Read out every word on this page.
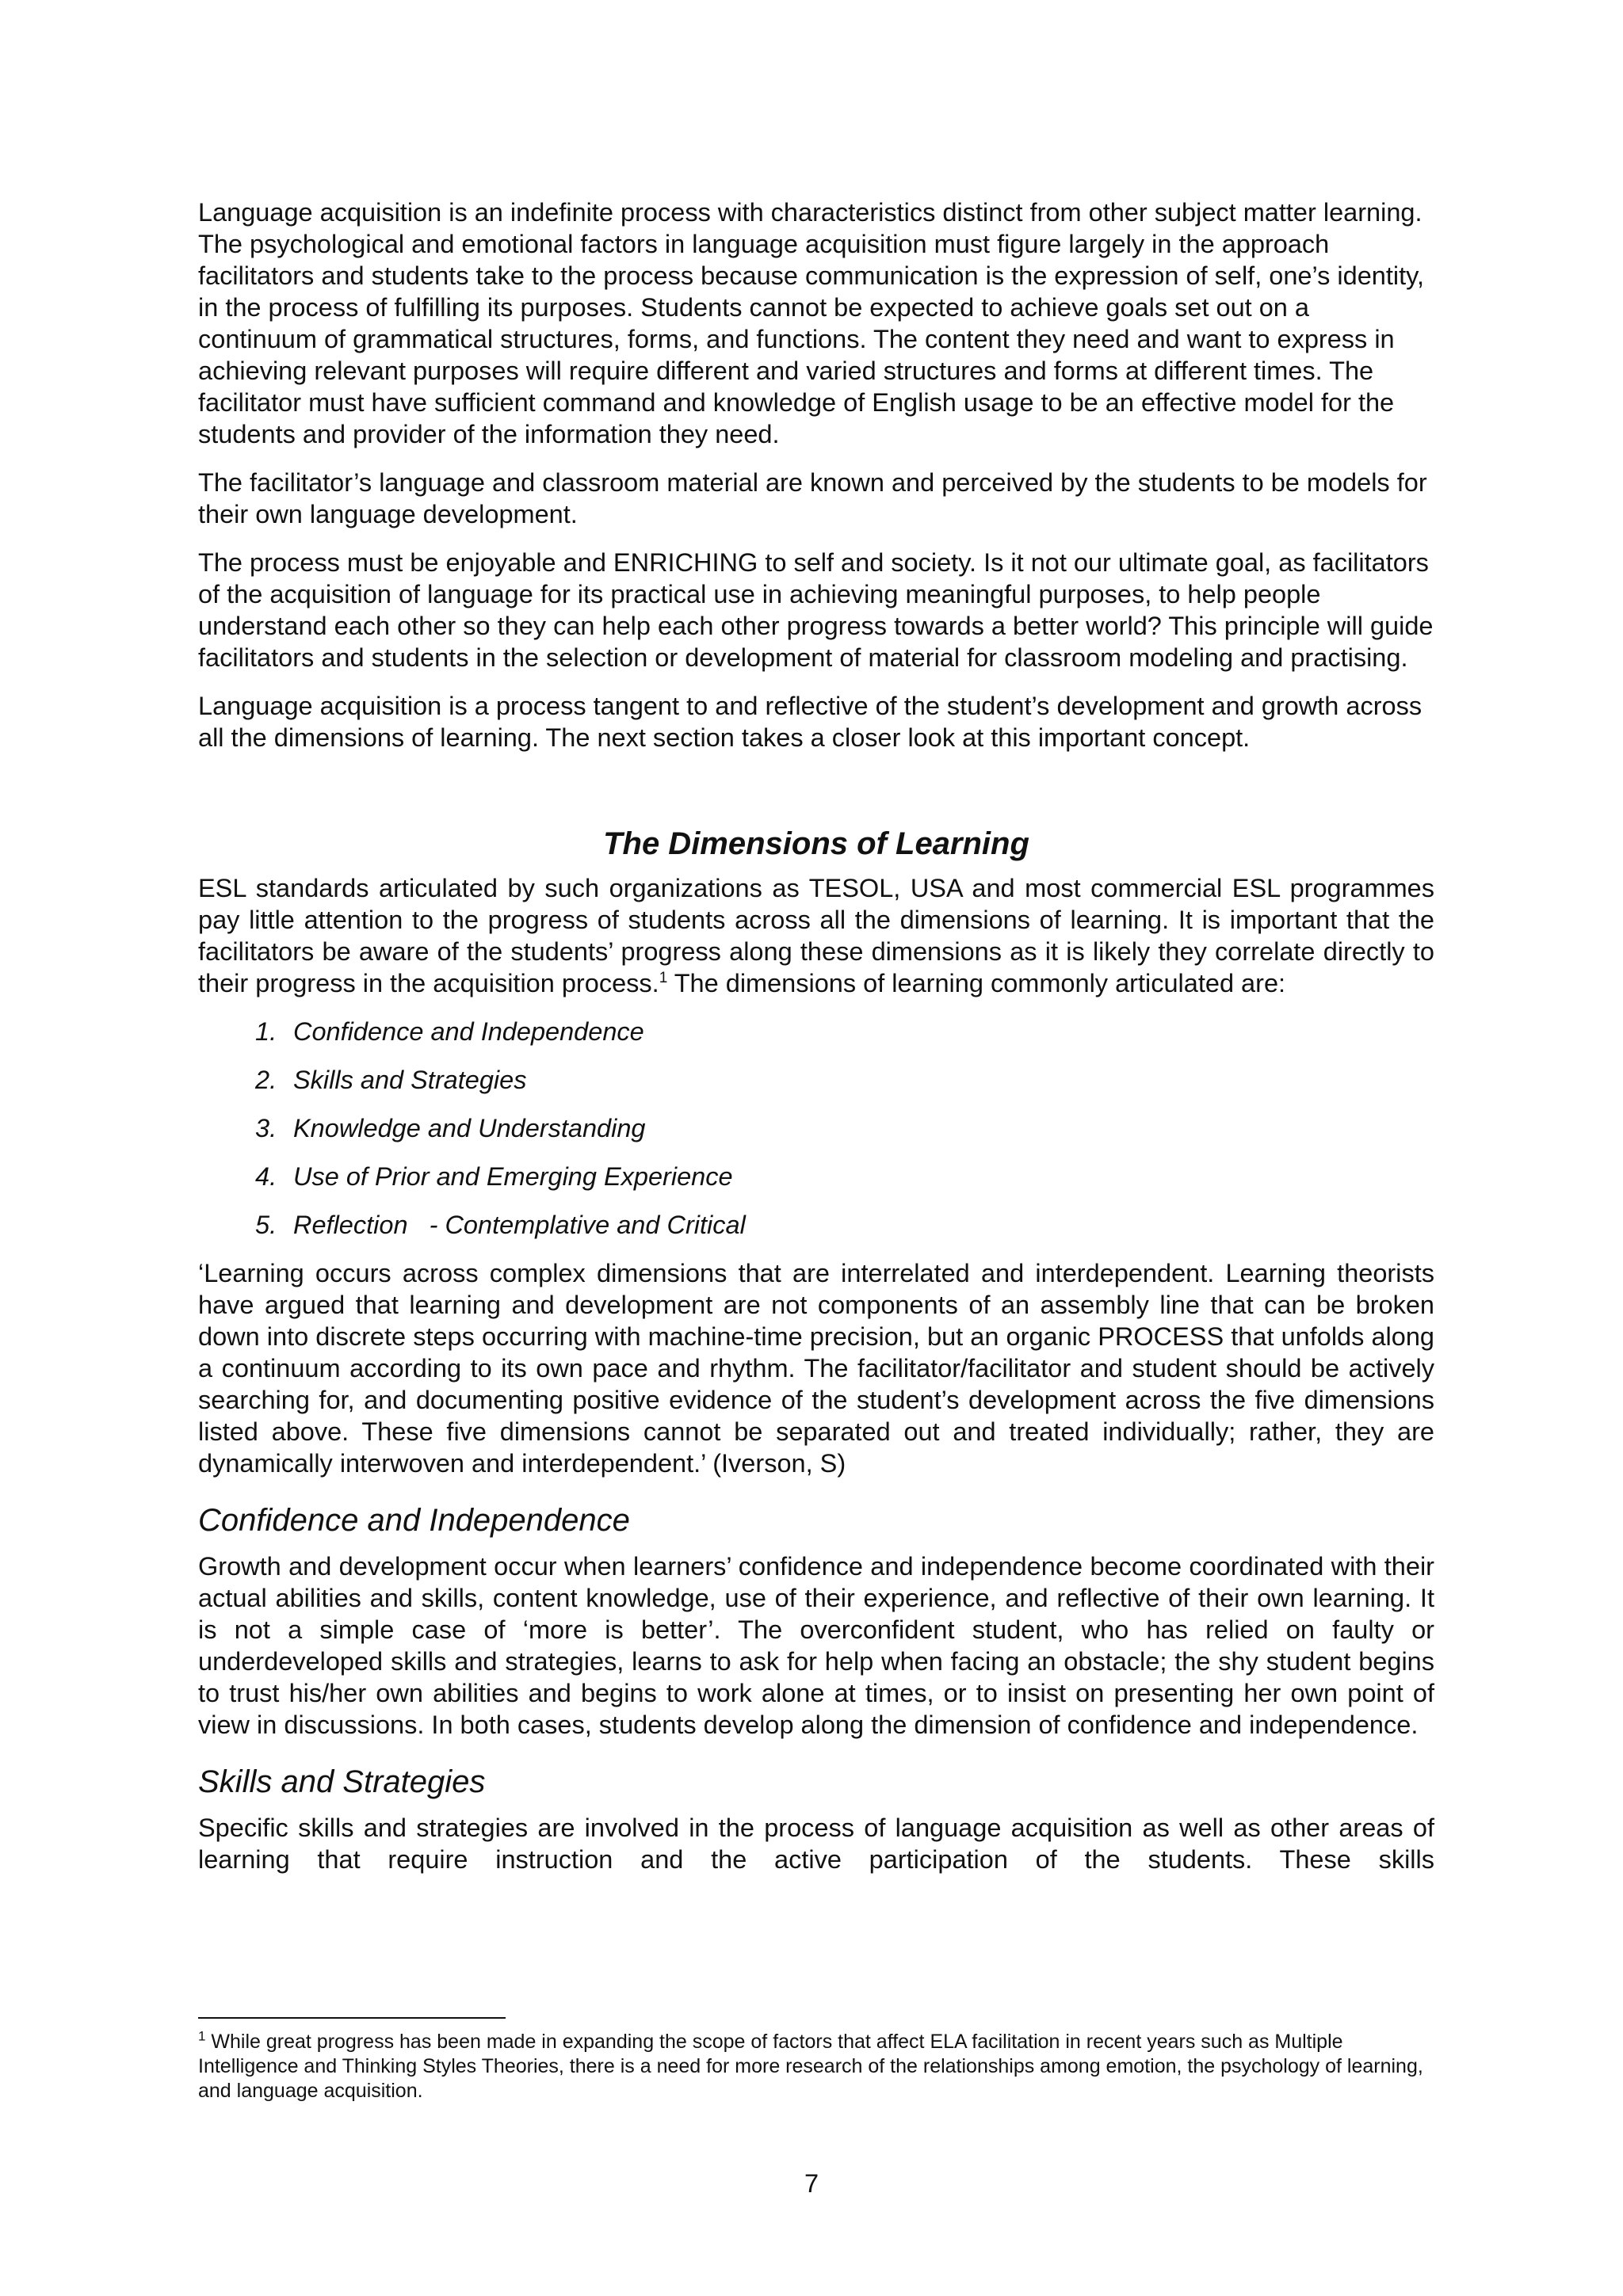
Language acquisition is an indefinite process with characteristics distinct from other subject matter learning. The psychological and emotional factors in language acquisition must figure largely in the approach facilitators and students take to the process because communication is the expression of self, one’s identity, in the process of fulfilling its purposes. Students cannot be expected to achieve goals set out on a continuum of grammatical structures, forms, and functions. The content they need and want to express in achieving relevant purposes will require different and varied structures and forms at different times. The facilitator must have sufficient command and knowledge of English usage to be an effective model for the students and provider of the information they need.

The facilitator’s language and classroom material are known and perceived by the students to be models for their own language development.

The process must be enjoyable and ENRICHING to self and society. Is it not our ultimate goal, as facilitators of the acquisition of language for its practical use in achieving meaningful purposes, to help people understand each other so they can help each other progress towards a better world? This principle will guide facilitators and students in the selection or development of material for classroom modeling and practising.

Language acquisition is a process tangent to and reflective of the student’s development and growth across all the dimensions of learning. The next section takes a closer look at this important concept.

The Dimensions of Learning

ESL standards articulated by such organizations as TESOL, USA and most commercial ESL programmes pay little attention to the progress of students across all the dimensions of learning. It is important that the facilitators be aware of the students’ progress along these dimensions as it is likely they correlate directly to their progress in the acquisition process.$^1$ The dimensions of learning commonly articulated are:

1. Confidence and Independence
2. Skills and Strategies
3. Knowledge and Understanding
4. Use of Prior and Emerging Experience
5. Reflection   - Contemplative and Critical

‘Learning occurs across complex dimensions that are interrelated and interdependent. Learning theorists have argued that learning and development are not components of an assembly line that can be broken down into discrete steps occurring with machine-time precision, but an organic PROCESS that unfolds along a continuum according to its own pace and rhythm. The facilitator/facilitator and student should be actively searching for, and documenting positive evidence of the student’s development across the five dimensions listed above. These five dimensions cannot be separated out and treated individually; rather, they are dynamically interwoven and interdependent.’ (Iverson, S)

Confidence and Independence

Growth and development occur when learners’ confidence and independence become coordinated with their actual abilities and skills, content knowledge, use of their experience, and reflective of their own learning. It is not a simple case of ‘more is better’. The overconfident student, who has relied on faulty or underdeveloped skills and strategies, learns to ask for help when facing an obstacle; the shy student begins to trust his/her own abilities and begins to work alone at times, or to insist on presenting her own point of view in discussions. In both cases, students develop along the dimension of confidence and independence.

Skills and Strategies

Specific skills and strategies are involved in the process of language acquisition as well as other areas of learning that require instruction and the active participation of the students. These skills

$^1$ While great progress has been made in expanding the scope of factors that affect ELA facilitation in recent years such as Multiple Intelligence and Thinking Styles Theories, there is a need for more research of the relationships among emotion, the psychology of learning, and language acquisition.

7
